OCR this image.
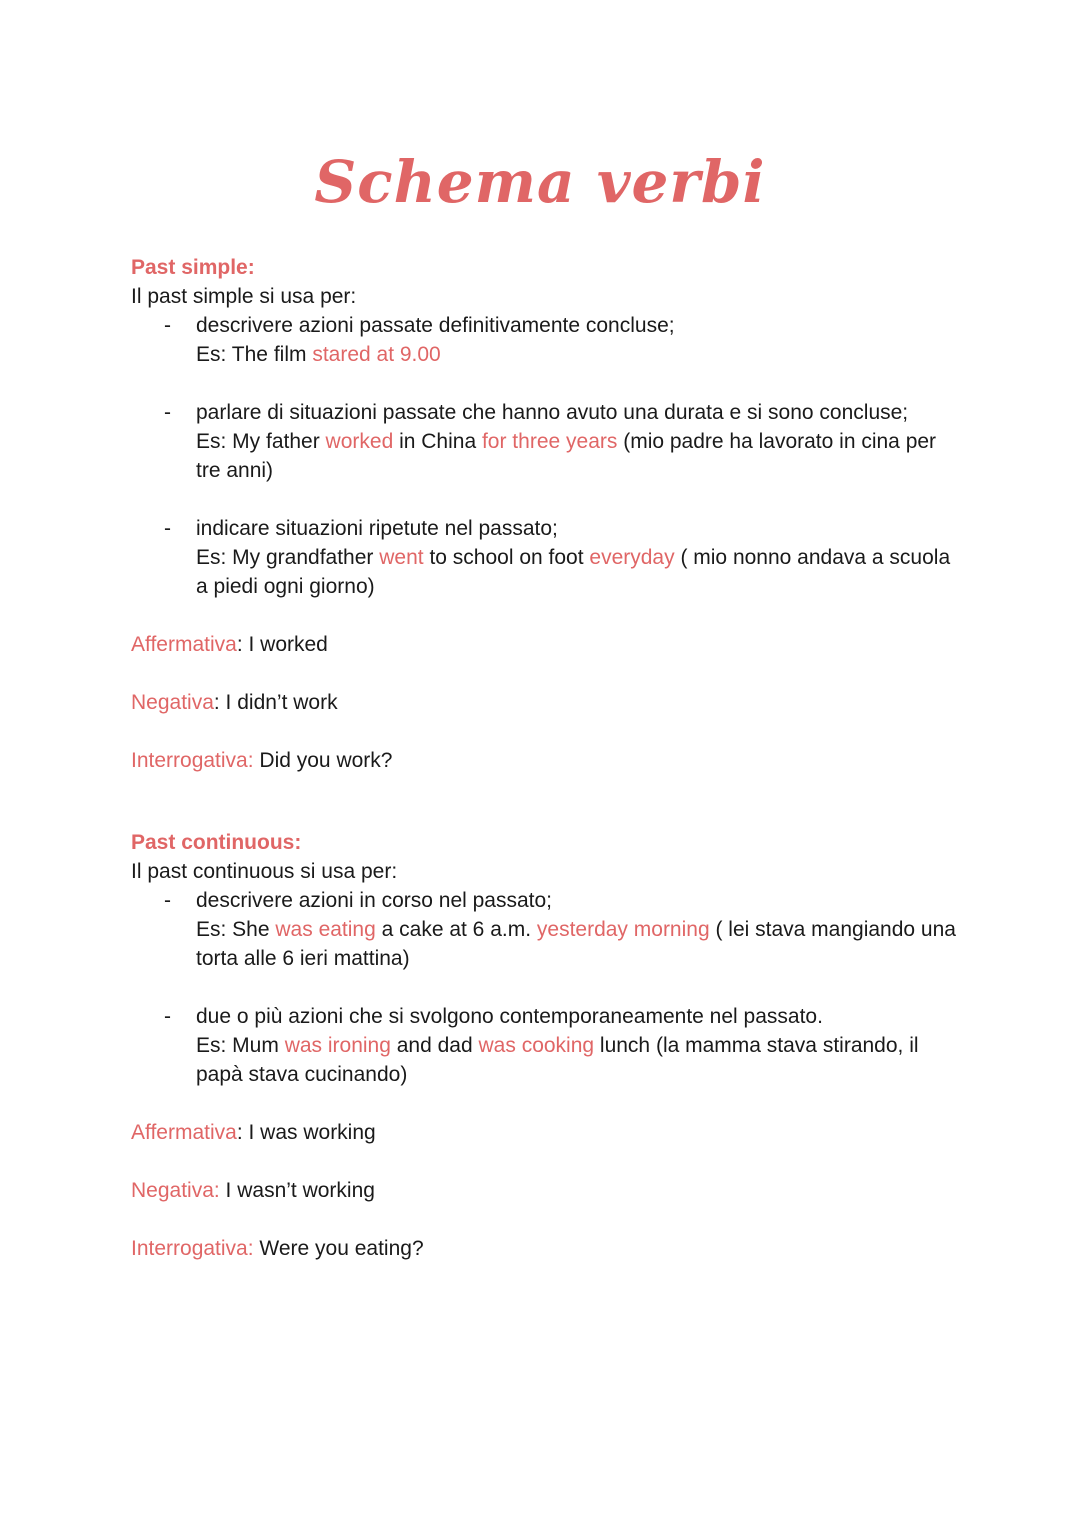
Schema verbi
Past simple:
Il past simple si usa per:
- descrivere azioni passate definitivamente concluse;
Es: The film stared at 9.00
- parlare di situazioni passate che hanno avuto una durata e si sono concluse;
Es: My father worked in China for three years (mio padre ha lavorato in cina per tre anni)
- indicare situazioni ripetute nel passato;
Es: My grandfather went to school on foot everyday ( mio nonno andava a scuola a piedi ogni giorno)
Affermativa: I worked
Negativa: I didn’t work
Interrogativa: Did you work?
Past continuous:
Il past continuous si usa per:
- descrivere azioni in corso nel passato;
Es: She was eating a cake at 6 a.m. yesterday morning ( lei stava mangiando una torta alle 6 ieri mattina)
- due o più azioni che si svolgono contemporaneamente nel passato.
Es: Mum was ironing and dad was cooking lunch (la mamma stava stirando, il papà stava cucinando)
Affermativa: I was working
Negativa: I wasn’t working
Interrogativa: Were you eating?
